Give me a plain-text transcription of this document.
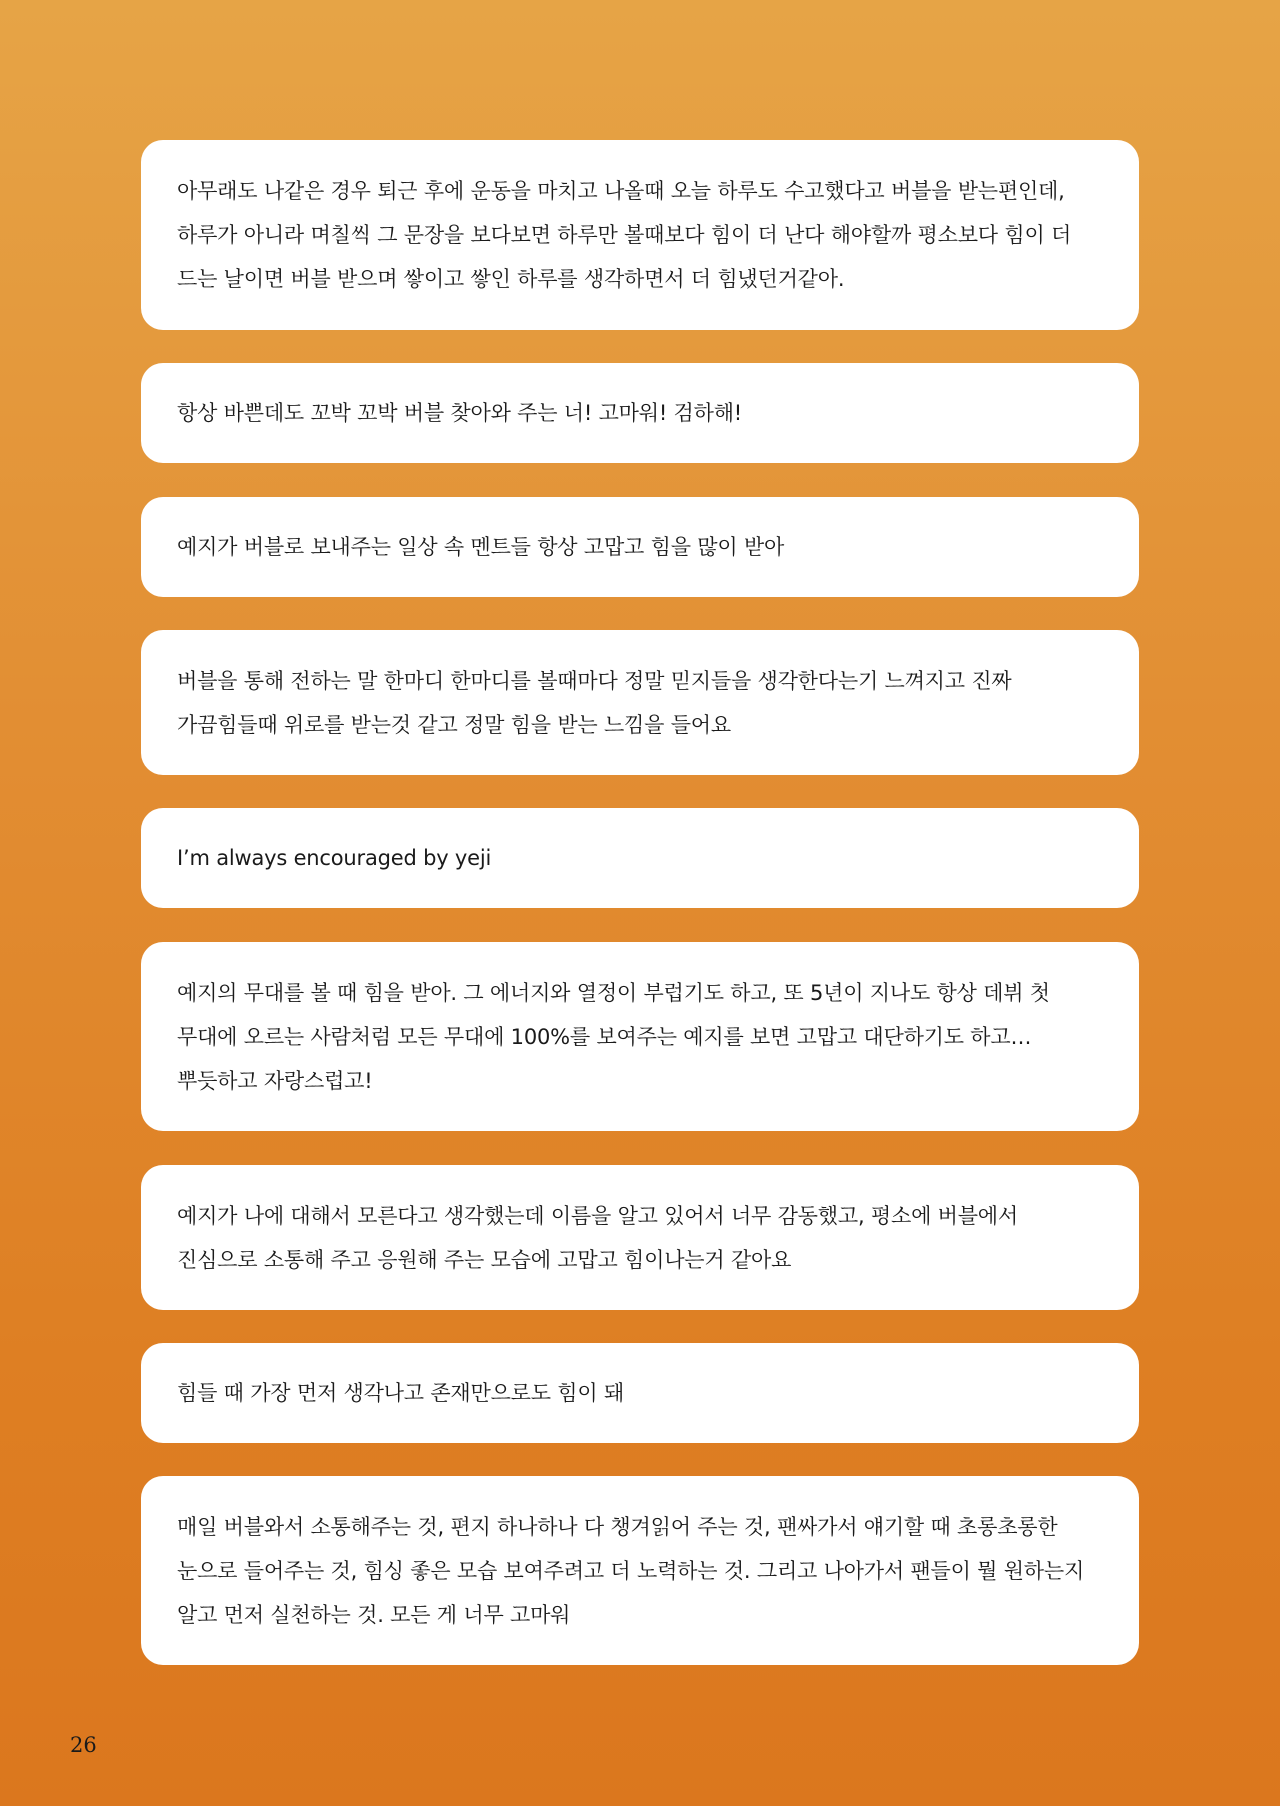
아무래도 나같은 경우 퇴근 후에 운동을 마치고 나올때 오늘 하루도 수고했다고 버블을 받는편인데, 하루가 아니라 며칠씩 그 문장을 보다보면 하루만 볼때보다 힘이 더 난다 해야할까 평소보다 힘이 더 드는 날이면 버블 받으며 쌓이고 쌓인 하루를 생각하면서 더 힘냈던거같아.

항상 바쁜데도 꼬박 꼬박 버블 찾아와 주는 너! 고마워! 검하해!

예지가 버블로 보내주는 일상 속 멘트들 항상 고맙고 힘을 많이 받아

버블을 통해 전하는 말 한마디 한마디를 볼때마다 정말 믿지들을 생각한다는기 느껴지고 진짜 가끔힘들때 위로를 받는것 같고 정말 힘을 받는 느낌을 들어요

I’m always encouraged by yeji

예지의 무대를 볼 때 힘을 받아. 그 에너지와 열정이 부럽기도 하고, 또 5년이 지나도 항상 데뷔 첫 무대에 오르는 사람처럼 모든 무대에 100%를 보여주는 예지를 보면 고맙고 대단하기도 하고…뿌듯하고 자랑스럽고!

예지가 나에 대해서 모른다고 생각했는데 이름을 알고 있어서 너무 감동했고, 평소에 버블에서 진심으로 소통해 주고 응원해 주는 모습에 고맙고 힘이나는거 같아요

힘들 때 가장 먼저 생각나고 존재만으로도 힘이 돼

매일 버블와서 소통해주는 것, 편지 하나하나 다 챙겨읽어 주는 것, 팬싸가서 얘기할 때 초롱초롱한 눈으로 들어주는 것, 힘싱 좋은 모습 보여주려고 더 노력하는 것. 그리고 나아가서 팬들이 뭘 원하는지 알고 먼저 실천하는 것. 모든 게 너무 고마워

26
